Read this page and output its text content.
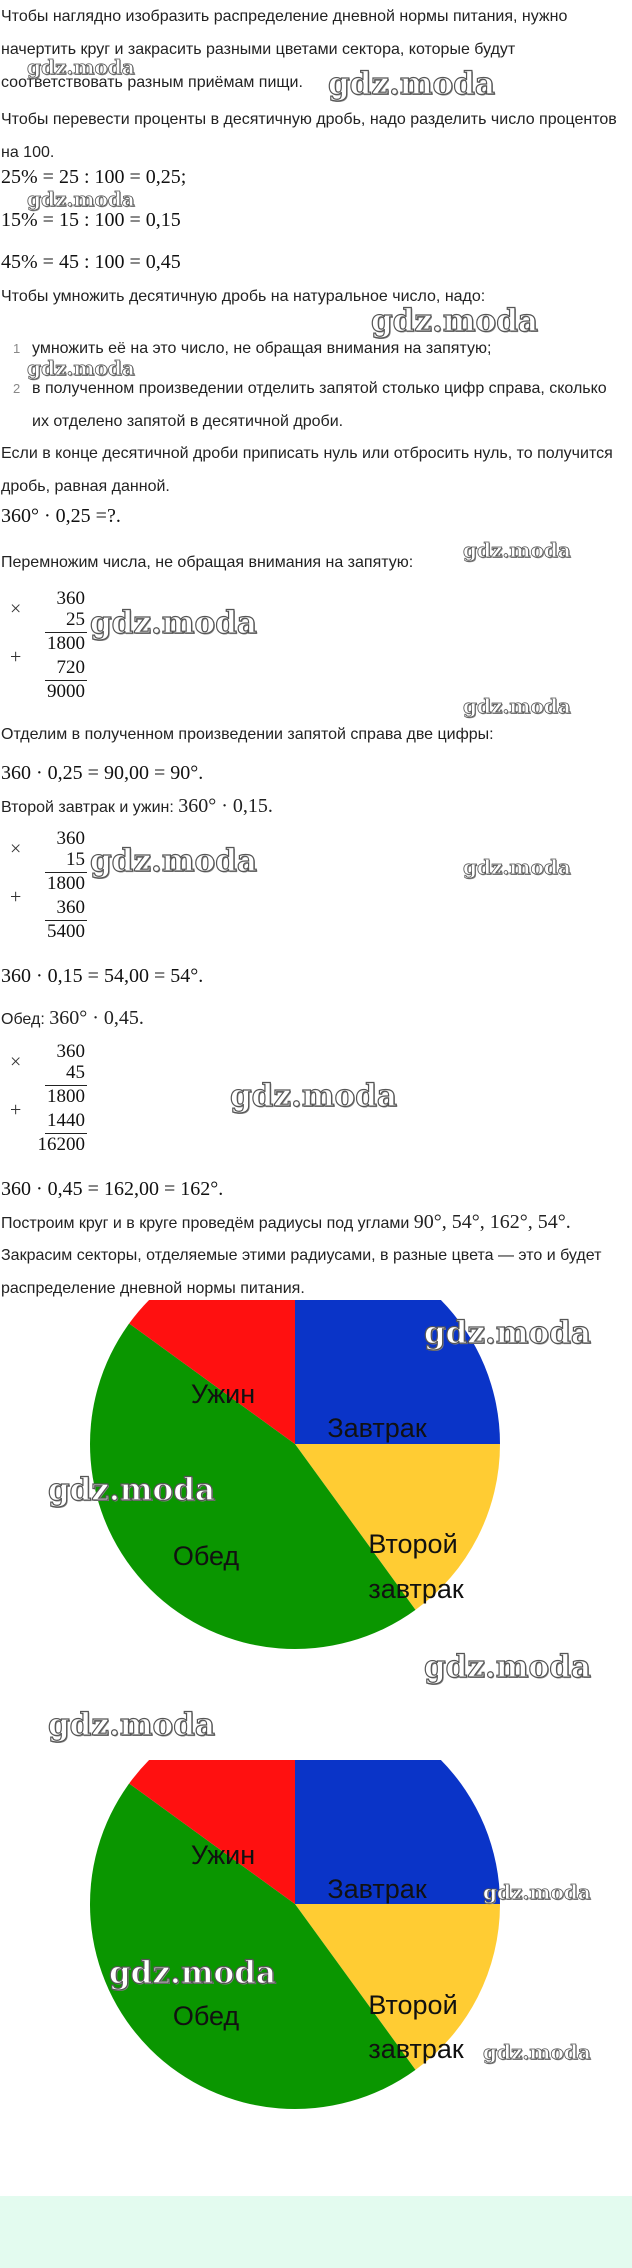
Чтобы наглядно изобразить распределение дневной нормы питания, нужно начертить круг и закрасить разными цветами сектора, которые будут соответствовать разным приёмам пищи.
Чтобы перевести проценты в десятичную дробь, надо разделить число процентов на 100.
25% = 25 : 100 = 0,25;
15% = 15 : 100 = 0,15
45% = 45 : 100 = 0,45
Чтобы умножить десятичную дробь на натуральное число, надо:
1 умножить её на это число, не обращая внимания на запятую;
2 в полученном произведении отделить запятой столько цифр справа, сколько их отделено запятой в десятичной дроби.
Если в конце десятичной дроби приписать нуль или отбросить нуль, то получится дробь, равная данной.
360° · 0,25 =?.
Перемножим числа, не обращая внимания на запятую:
×
+
360
25
1800
720
9000
Отделим в полученном произведении запятой справа две цифры:
360 · 0,25 = 90,00 = 90°.
Второй завтрак и ужин: 360° · 0,15.
×
+
360
15
1800
360
5400
360 · 0,15 = 54,00 = 54°.
Обед: 360° · 0,45.
×
+
360
45
1800
1440
16200
360 · 0,45 = 162,00 = 162°.
Построим круг и в круге проведём радиусы под углами 90°, 54°, 162°, 54°.
Закрасим секторы, отделяемые этими радиусами, в разные цвета — это и будет распределение дневной нормы питания.
Завтрак
Второй
завтрак
Обед
Ужин
Завтрак
Второй
завтрак
Обед
Ужин
gdz.moda	gdz.moda
gdz.moda
gdz.moda
gdz.moda
gdz.moda
gdz.moda
gdz.moda
gdz.moda	gdz.moda
gdz.moda
gdz.moda
gdz.moda
gdz.moda
gdz.moda
gdz.moda
gdz.moda
gdz.moda
